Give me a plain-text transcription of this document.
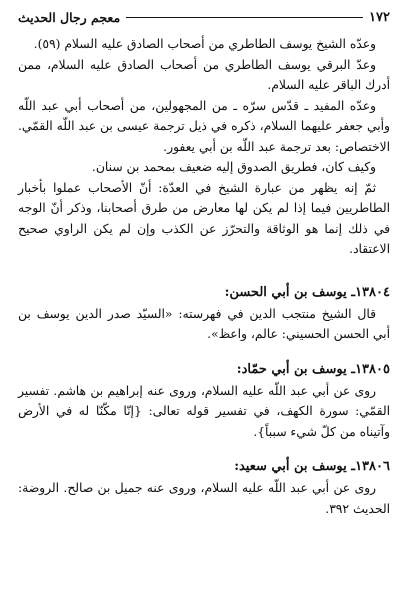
١٧٢
معجم رجال الحديث

وعدّه الشيخ يوسف الطاطري من أصحاب الصادق عليه السلام (٥٩).

وعدّ البرقي يوسف الطاطري من أصحاب الصادق عليه السلام، ممن أدرك الباقر عليه السلام.

وعدّه المفيد ـ قدّس سرّه ـ من المجهولين، من أصحاب أبي عبد اللّه وأبي جعفر عليهما السلام، ذكره في ذيل ترجمة عيسى بن عبد اللّه القمّي. الاختصاص: بعد ترجمة عبد اللّه بن أبي يعفور.

وكيف كان، فطريق الصدوق إليه ضعيف بمحمد بن سنان.

ثمّ إنه يظهر من عبارة الشيخ في العدّة: أنّ الأصحاب عملوا بأخبار الطاطريين فيما إذا لم يكن لها معارض من طرق أصحابنا، وذكر أنّ الوجه في ذلك إنما هو الوثاقة والتحرّز عن الكذب وإن لم يكن الراوي صحيح الاعتقاد.

١٣٨٠٤ـ يوسف بن أبي الحسن:

قال الشيخ منتجب الدين في فهرسته: «السيّد صدر الدين يوسف بن أبي الحسن الحسيني: عالم، واعظ».

١٣٨٠٥ـ يوسف بن أبي حمّاد:

روى عن أبي عبد اللّه عليه السلام، وروى عنه إبراهيم بن هاشم. تفسير القمّي: سورة الكهف، في تفسير قوله تعالى: {إنّا مكّنّا له في الأرض وآتيناه من كلّ شيء سبباً}.

١٣٨٠٦ـ يوسف بن أبي سعيد:

روى عن أبي عبد اللّه عليه السلام، وروى عنه جميل بن صالح. الروضة: الحديث ٣٩٢.
